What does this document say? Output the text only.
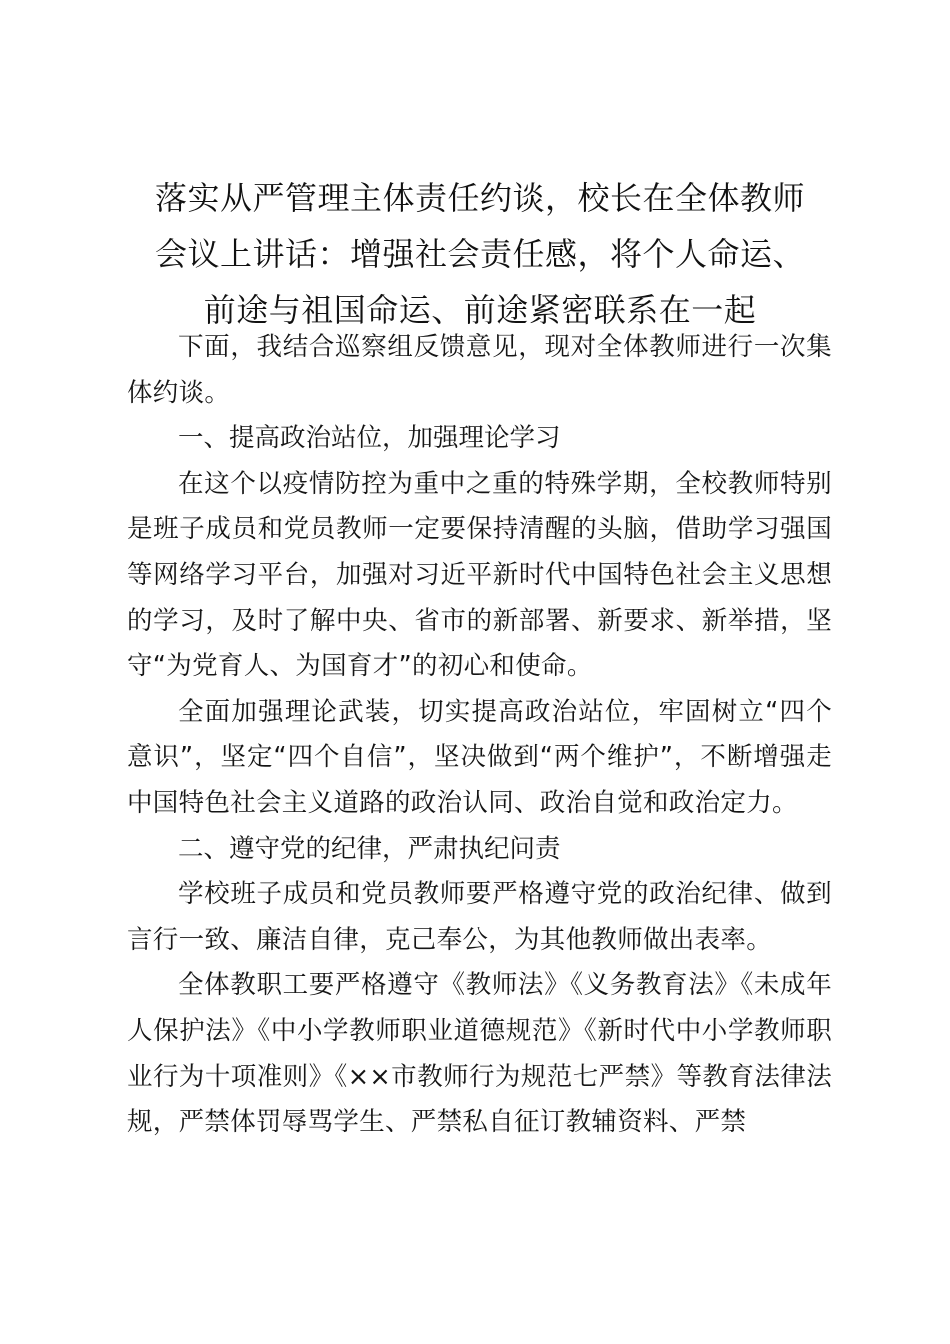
落实从严管理主体责任约谈，校长在全体教师
会议上讲话：增强社会责任感，将个人命运、
前途与祖国命运、前途紧密联系在一起

下面，我结合巡察组反馈意见，现对全体教师进行一次集体约谈。

一、提高政治站位，加强理论学习

在这个以疫情防控为重中之重的特殊学期，全校教师特别是班子成员和党员教师一定要保持清醒的头脑，借助学习强国等网络学习平台，加强对习近平新时代中国特色社会主义思想的学习，及时了解中央、省市的新部署、新要求、新举措，坚守“为党育人、为国育才”的初心和使命。

全面加强理论武装，切实提高政治站位，牢固树立“四个意识”，坚定“四个自信”，坚决做到“两个维护”，不断增强走中国特色社会主义道路的政治认同、政治自觉和政治定力。

二、遵守党的纪律，严肃执纪问责

学校班子成员和党员教师要严格遵守党的政治纪律、做到言行一致、廉洁自律，克己奉公，为其他教师做出表率。

全体教职工要严格遵守《教师法》《义务教育法》《未成年人保护法》《中小学教师职业道德规范》《新时代中小学教师职业行为十项准则》《××市教师行为规范七严禁》等教育法律法规，严禁体罚辱骂学生、严禁私自征订教辅资料、严禁
